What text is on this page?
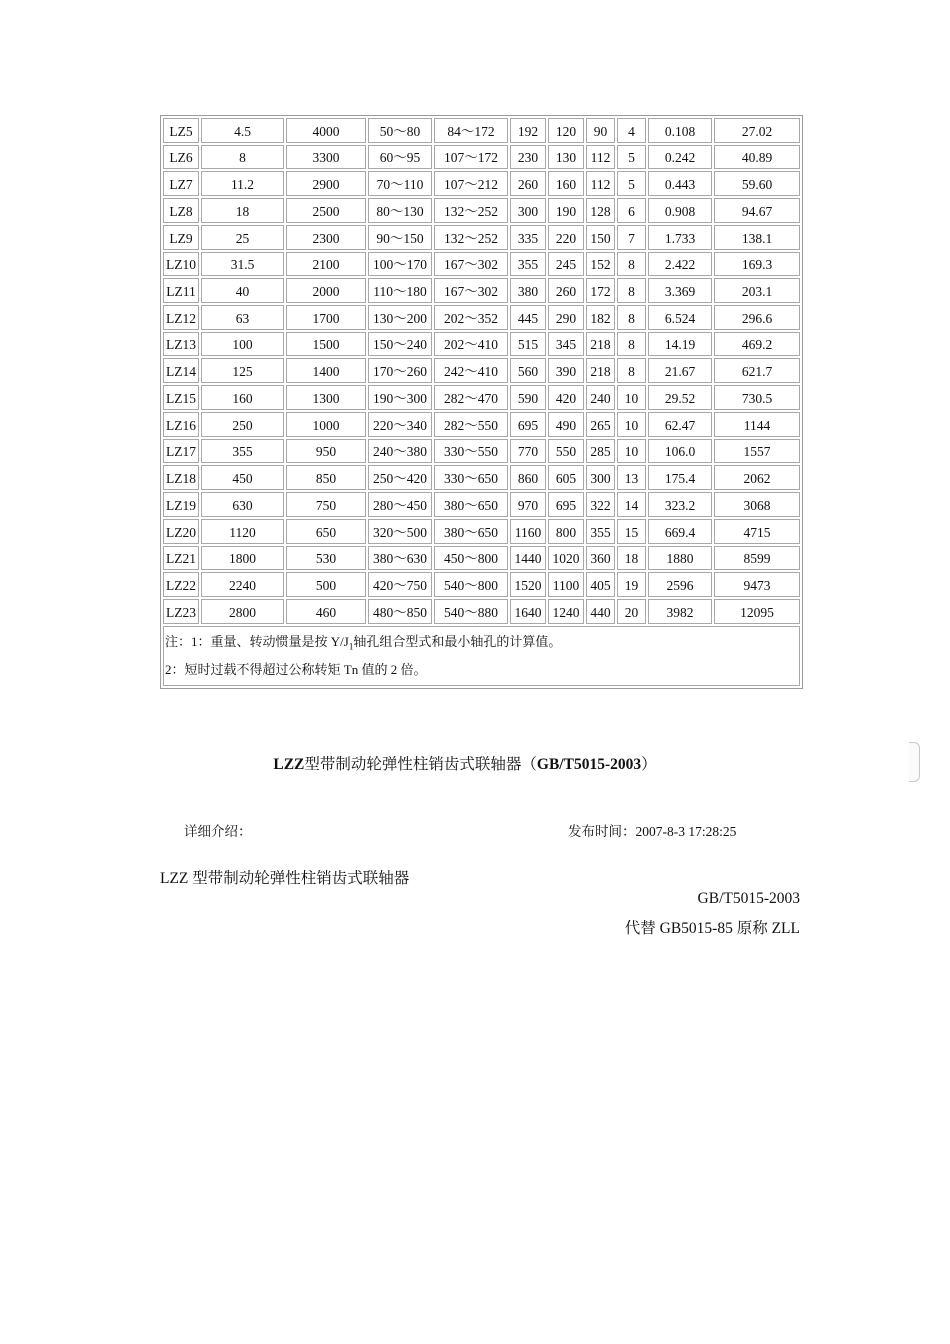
LZ5	4.5	4000	50～80	84～172	192	120	90	4	0.108	27.02
LZ6	8	3300	60～95	107～172	230	130	112	5	0.242	40.89
LZ7	11.2	2900	70～110	107～212	260	160	112	5	0.443	59.60
LZ8	18	2500	80～130	132～252	300	190	128	6	0.908	94.67
LZ9	25	2300	90～150	132～252	335	220	150	7	1.733	138.1
LZ10	31.5	2100	100～170	167～302	355	245	152	8	2.422	169.3
LZ11	40	2000	110～180	167～302	380	260	172	8	3.369	203.1
LZ12	63	1700	130～200	202～352	445	290	182	8	6.524	296.6
LZ13	100	1500	150～240	202～410	515	345	218	8	14.19	469.2
LZ14	125	1400	170～260	242～410	560	390	218	8	21.67	621.7
LZ15	160	1300	190～300	282～470	590	420	240	10	29.52	730.5
LZ16	250	1000	220～340	282～550	695	490	265	10	62.47	1144
LZ17	355	950	240～380	330～550	770	550	285	10	106.0	1557
LZ18	450	850	250～420	330～650	860	605	300	13	175.4	2062
LZ19	630	750	280～450	380～650	970	695	322	14	323.2	3068
LZ20	1120	650	320～500	380～650	1160	800	355	15	669.4	4715
LZ21	1800	530	380～630	450～800	1440	1020	360	18	1880	8599
LZ22	2240	500	420～750	540～800	1520	1100	405	19	2596	9473
LZ23	2800	460	480～850	540～880	1640	1240	440	20	3982	12095

注：1：重量、转动惯量是按 $Y/J_1$轴孔组合型式和最小轴孔的计算值。
2：短时过载不得超过公称转矩 Tn 值的 2 倍。										
LZZ型带制动轮弹性柱销齿式联轴器（GB/T5015-2003）
详细介绍：	发布时间：2007-8-3 17:28:25
LZZ 型带制动轮弹性柱销齿式联轴器
GB/T5015-2003
代替 GB5015-85 原称 ZLL
